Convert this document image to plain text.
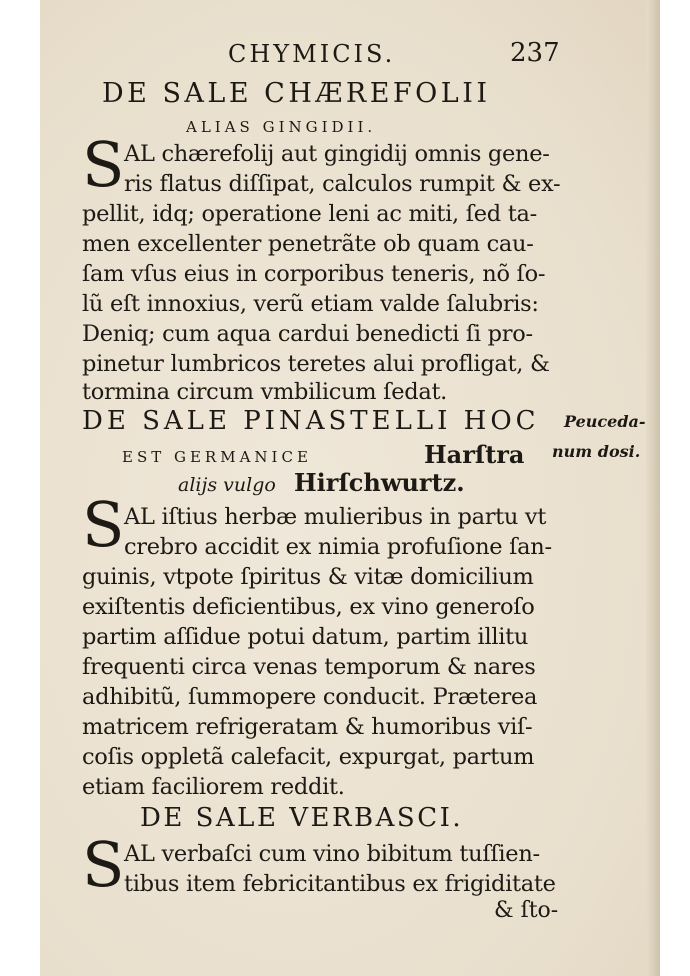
CHYMICIS.	237
DE SALE CHÆREFOLII
ALIAS GINGIDII.
S AL chærefolij aut gingidij omnis gene-
ris flatus diſſipat, calculos rumpit & ex-
pellit, idq; operatione leni ac miti, ſed ta-
men excellenter penetrãte ob quam cau-
ſam vſus eius in corporibus teneris, nõ ſo-
lũ eſt innoxius, verũ etiam valde ſalubris:
Deniq; cum aqua cardui benedicti ſi pro-
pinetur lumbricos teretes alui profligat, &
tormina circum vmbilicum ſedat.
DE SALE PINASTELLI HOC
EST GERMANICE	Harſtra
alijs vulgo Hirſchwurtz.
Peuceda-
num dosi.
S AL iſtius herbæ mulieribus in partu vt
crebro accidit ex nimia profuſione ſan-
guinis, vtpote ſpiritus & vitæ domicilium
exiſtentis deficientibus, ex vino generoſo
partim aſſidue potui datum, partim illitu
frequenti circa venas temporum & nares
adhibitũ, ſummopere conducit. Præterea
matricem refrigeratam & humoribus viſ-
coſis oppletã calefacit, expurgat, partum
etiam faciliorem reddit.
DE SALE VERBASCI.
S AL verbaſci cum vino bibitum tuſſien-
tibus item febricitantibus ex frigiditate
& ſto-
